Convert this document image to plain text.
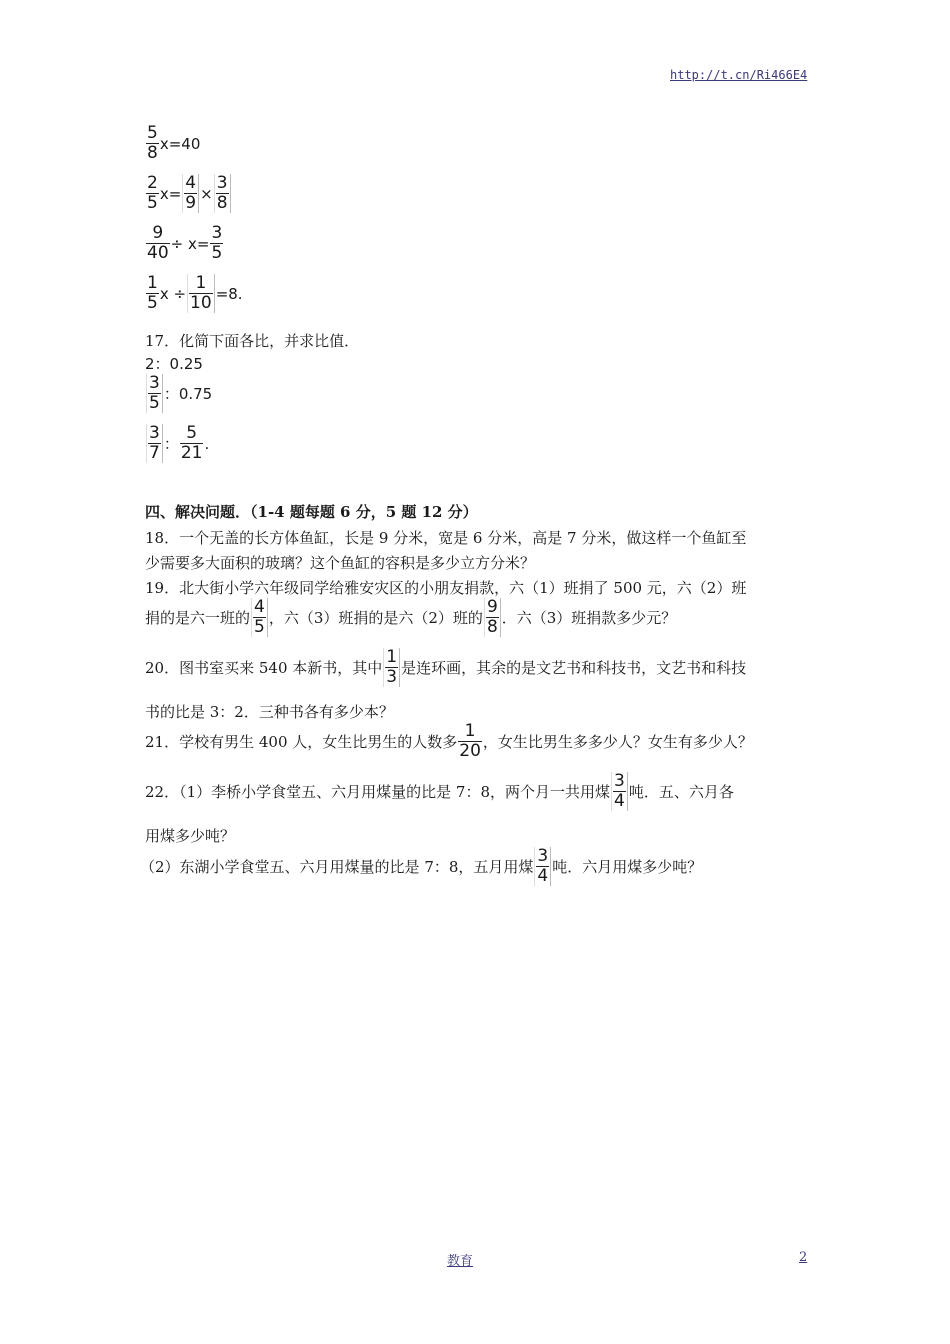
http://t.cn/Ri466E4
$\frac{5}{8} x=40$
$\frac{2}{5} x= \frac{4}{9} \times \frac{3}{8}$
$\frac{9}{40} \div x= \frac{3}{5}$
$\frac{1}{5}$ $x \div \frac{1}{10} =8$.
17．化简下面各比，并求比值．
2：0.25
$\frac{3}{5}$ ：0.75
$\frac{3}{7}$ ： $\frac{5}{21}$ .
四、解决问题．（1-4 题每题 6 分，5 题 12 分）
18．一个无盖的长方体鱼缸，长是 9 分米，宽是 6 分米，高是 7 分米，做这样一个鱼缸至
少需要多大面积的玻璃？这个鱼缸的容积是多少立方分米？
19．北大街小学六年级同学给雅安灾区的小朋友捐款，六（1）班捐了 500 元，六（2）班
捐的是六一班的 $\frac{4}{5}$ ，六（3）班捐的是六（2）班的 $\frac{9}{8}$ ．六（3）班捐款多少元？
20．图书室买来 540 本新书，其中 $\frac{1}{3}$ 是连环画，其余的是文艺书和科技书，文艺书和科技
书的比是 3：2．三种书各有多少本？
21．学校有男生 400 人，女生比男生的人数多 $\frac{1}{20}$ ，女生比男生多多少人？女生有多少人？
22．（1）李桥小学食堂五、六月用煤量的比是 7：8，两个月一共用煤 $\frac{3}{4}$ 吨．五、六月各
用煤多少吨？
（2）东湖小学食堂五、六月用煤量的比是 7：8，五月用煤 $\frac{3}{4}$ 吨．六月用煤多少吨？
教育	2
